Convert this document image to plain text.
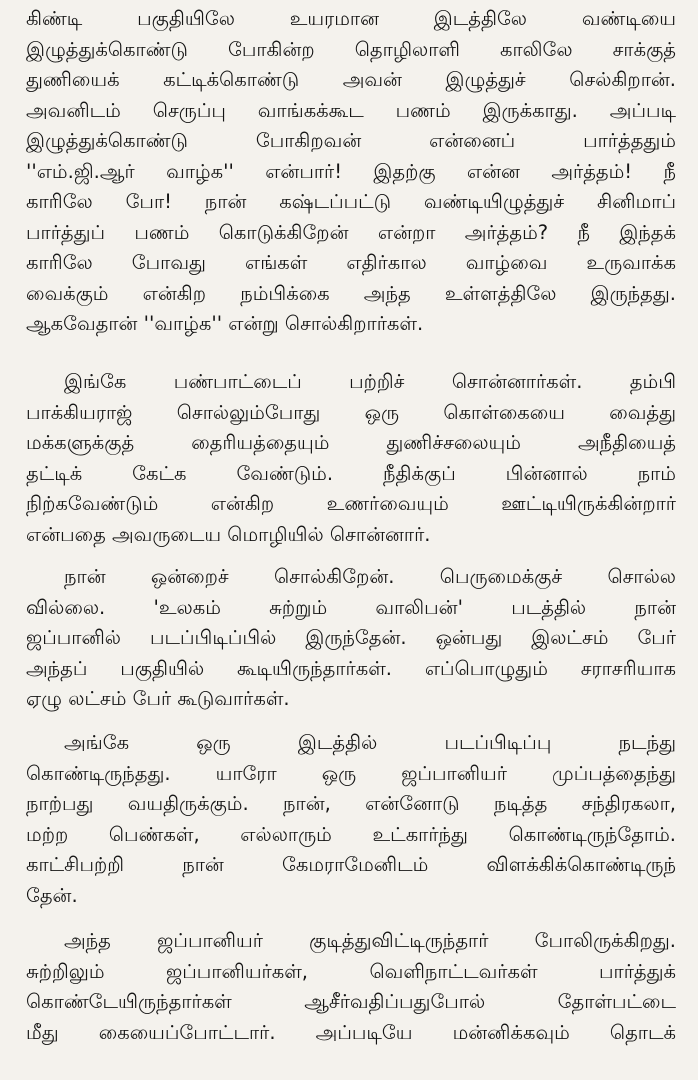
கிண்டி பகுதியிலே உயரமான இடத்திலே வண்டியை
இழுத்துக்கொண்டு போகின்ற தொழிலாளி காலிலே சாக்குத்
துணியைக் கட்டிக்கொண்டு அவன் இழுத்துச் செல்கிறான்.
அவனிடம் செருப்பு வாங்கக்கூட பணம் இருக்காது. அப்படி
இழுத்துக்கொண்டு போகிறவன் என்னைப் பார்த்ததும்
''எம்.ஜி.ஆர் வாழ்க'' என்பார்! இதற்கு என்ன அர்த்தம்! நீ
காரிலே போ! நான் கஷ்டப்பட்டு வண்டியிழுத்துச் சினிமாப்
பார்த்துப் பணம் கொடுக்கிறேன் என்றா அர்த்தம்? நீ இந்தக்
காரிலே போவது எங்கள் எதிர்கால வாழ்வை உருவாக்க
வைக்கும் என்கிற நம்பிக்கை அந்த உள்ளத்திலே இருந்தது.
ஆகவேதான் ''வாழ்க'' என்று சொல்கிறார்கள்.
இங்கே பண்பாட்டைப் பற்றிச் சொன்னார்கள். தம்பி
பாக்கியராஜ் சொல்லும்போது ஒரு கொள்கையை வைத்து
மக்களுக்குத் தைரியத்தையும் துணிச்சலையும் அநீதியைத்
தட்டிக் கேட்க வேண்டும். நீதிக்குப் பின்னால் நாம்
நிற்கவேண்டும் என்கிற உணர்வையும் ஊட்டியிருக்கின்றார்
என்பதை அவருடைய மொழியில் சொன்னார்.
நான் ஒன்றைச் சொல்கிறேன். பெருமைக்குச் சொல்ல
வில்லை. 'உலகம் சுற்றும் வாலிபன்' படத்தில் நான்
ஜப்பானில் படப்பிடிப்பில் இருந்தேன். ஒன்பது இலட்சம் பேர்
அந்தப் பகுதியில் கூடியிருந்தார்கள். எப்பொழுதும் சராசரியாக
ஏழு லட்சம் பேர் கூடுவார்கள்.
அங்கே ஒரு இடத்தில் படப்பிடிப்பு நடந்து
கொண்டிருந்தது. யாரோ ஒரு ஜப்பானியர் முப்பத்தைந்து
நாற்பது வயதிருக்கும். நான், என்னோடு நடித்த சந்திரகலா,
மற்ற பெண்கள், எல்லாரும் உட்கார்ந்து கொண்டிருந்தோம்.
காட்சிபற்றி நான் கேமராமேனிடம் விளக்கிக்கொண்டிருந்
தேன்.
அந்த ஜப்பானியர் குடித்துவிட்டிருந்தார் போலிருக்கிறது.
சுற்றிலும் ஜப்பானியர்கள், வெளிநாட்டவர்கள் பார்த்துக்
கொண்டேயிருந்தார்கள் ஆசீர்வதிப்பதுபோல் தோள்பட்டை
மீது கையைப்போட்டார். அப்படியே மன்னிக்கவும் தொடக்
